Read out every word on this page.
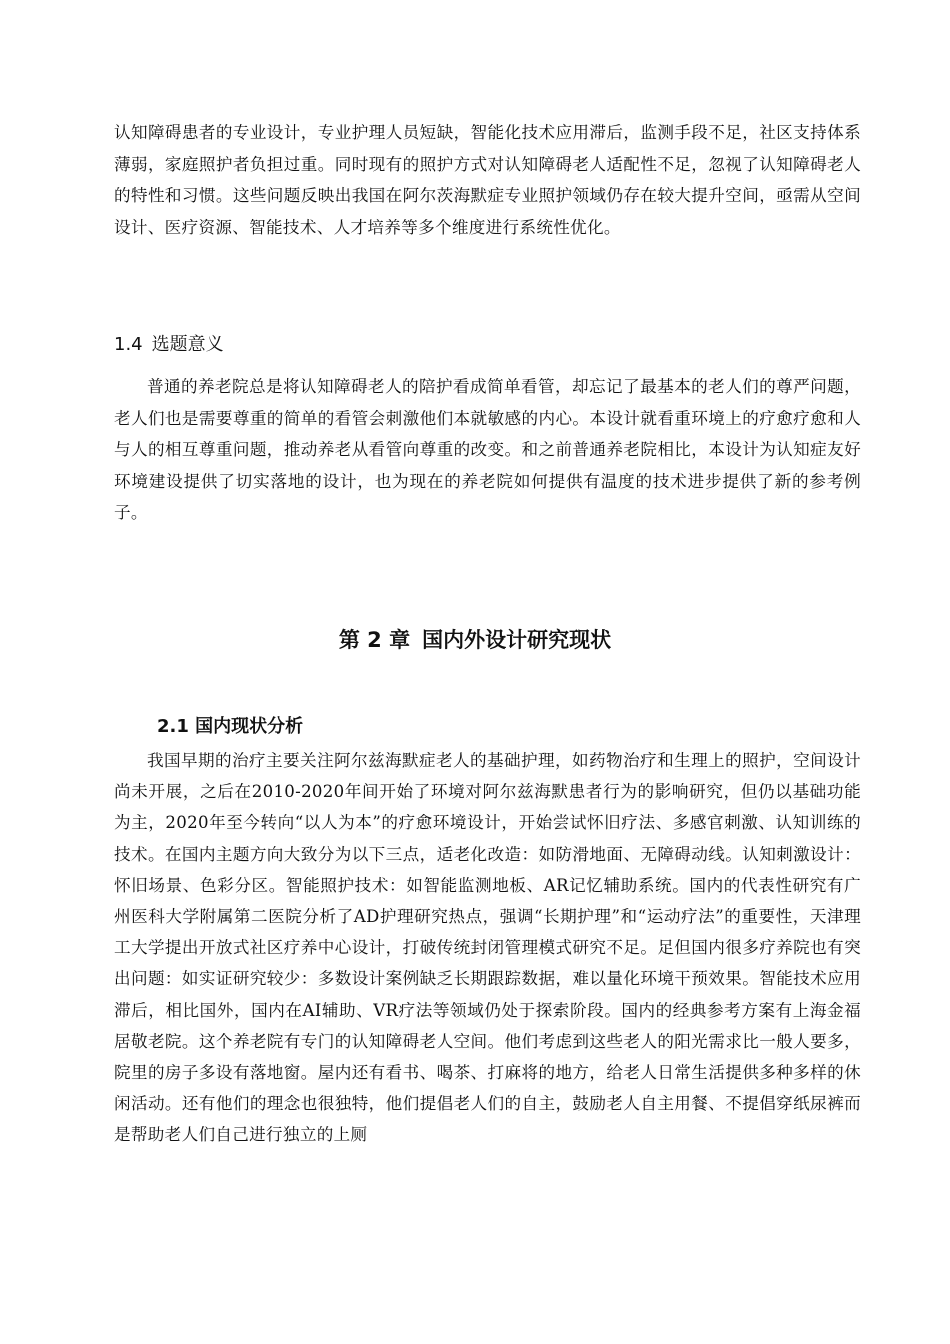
认知障碍患者的专业设计，专业护理人员短缺，智能化技术应用滞后，监测手段不足，社区支持体系薄弱，家庭照护者负担过重。同时现有的照护方式对认知障碍老人适配性不足，忽视了认知障碍老人的特性和习惯。这些问题反映出我国在阿尔茨海默症专业照护领域仍存在较大提升空间，亟需从空间设计、医疗资源、智能技术、人才培养等多个维度进行系统性优化。

1.4 选题意义

普通的养老院总是将认知障碍老人的陪护看成简单看管，却忘记了最基本的老人们的尊严问题，老人们也是需要尊重的简单的看管会刺激他们本就敏感的内心。本设计就看重环境上的疗愈疗愈和人与人的相互尊重问题，推动养老从看管向尊重的改变。和之前普通养老院相比，本设计为认知症友好环境建设提供了切实落地的设计，也为现在的养老院如何提供有温度的技术进步提供了新的参考例子。

第 2 章 国内外设计研究现状
2.1 国内现状分析

我国早期的治疗主要关注阿尔兹海默症老人的基础护理，如药物治疗和生理上的照护，空间设计尚未开展，之后在2010-2020年间开始了环境对阿尔兹海默患者行为的影响研究，但仍以基础功能为主，2020年至今转向“以人为本”的疗愈环境设计，开始尝试怀旧疗法、多感官刺激、认知训练的技术。在国内主题方向大致分为以下三点，适老化改造：如防滑地面、无障碍动线。认知刺激设计：怀旧场景、色彩分区。智能照护技术：如智能监测地板、AR记忆辅助系统。国内的代表性研究有广州医科大学附属第二医院分析了AD护理研究热点，强调“长期护理”和“运动疗法”的重要性，天津理工大学提出开放式社区疗养中心设计，打破传统封闭管理模式研究不足。足但国内很多疗养院也有突出问题：如实证研究较少：多数设计案例缺乏长期跟踪数据，难以量化环境干预效果。智能技术应用滞后，相比国外，国内在AI辅助、VR疗法等领域仍处于探索阶段。国内的经典参考方案有上海金福居敬老院。这个养老院有专门的认知障碍老人空间。他们考虑到这些老人的阳光需求比一般人要多，院里的房子多设有落地窗。屋内还有看书、喝茶、打麻将的地方，给老人日常生活提供多种多样的休闲活动。还有他们的理念也很独特，他们提倡老人们的自主，鼓励老人自主用餐、不提倡穿纸尿裤而是帮助老人们自己进行独立的上厕
